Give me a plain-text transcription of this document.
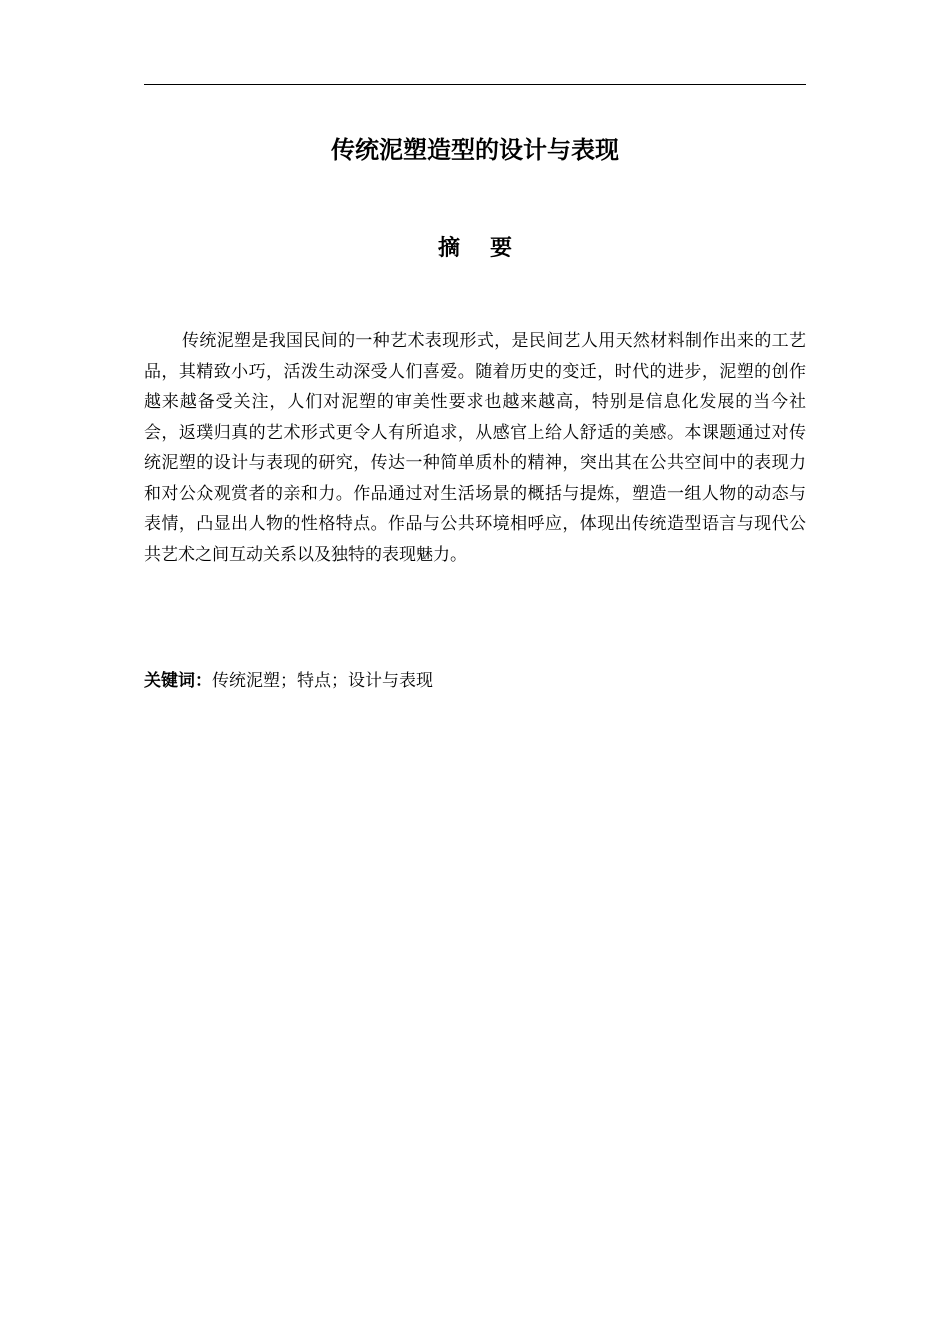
传统泥塑造型的设计与表现
摘要

传统泥塑是我国民间的一种艺术表现形式，是民间艺人用天然材料制作出来的工艺品，其精致小巧，活泼生动深受人们喜爱。随着历史的变迁，时代的进步，泥塑的创作越来越备受关注，人们对泥塑的审美性要求也越来越高，特别是信息化发展的当今社会，返璞归真的艺术形式更令人有所追求，从感官上给人舒适的美感。本课题通过对传统泥塑的设计与表现的研究，传达一种简单质朴的精神，突出其在公共空间中的表现力和对公众观赏者的亲和力。作品通过对生活场景的概括与提炼，塑造一组人物的动态与表情，凸显出人物的性格特点。作品与公共环境相呼应，体现出传统造型语言与现代公共艺术之间互动关系以及独特的表现魅力。

关键词：传统泥塑；特点；设计与表现
